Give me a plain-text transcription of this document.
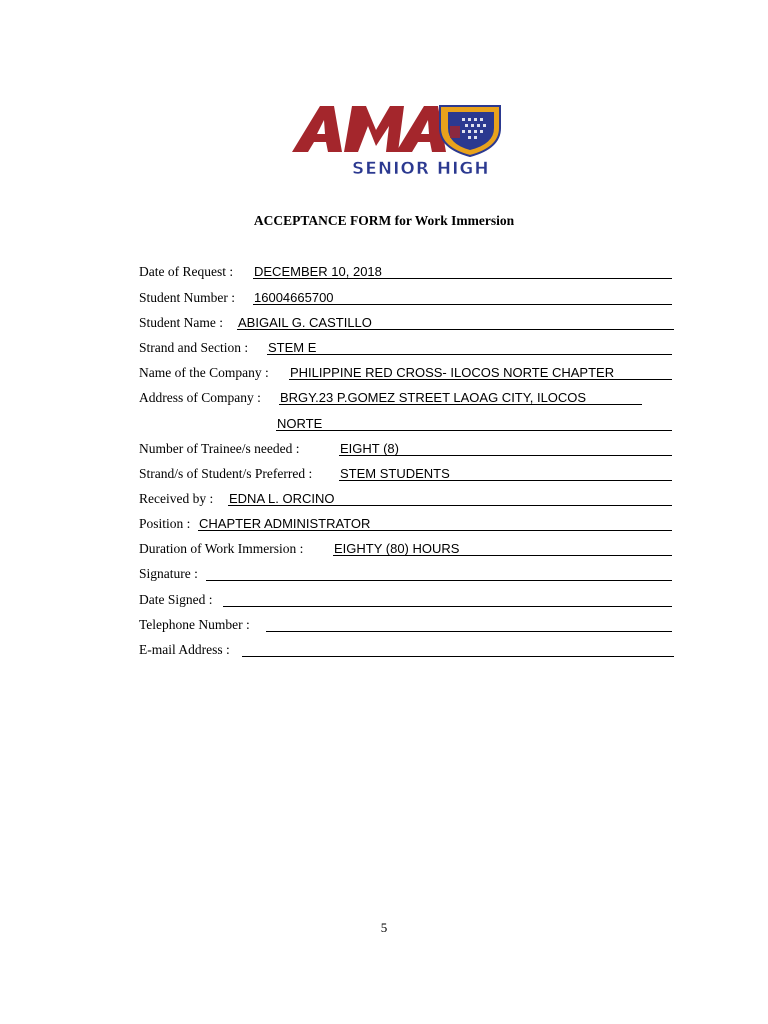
SENIOR HIGH
ACCEPTANCE FORM for Work Immersion
Date of Request : DECEMBER 10, 2018
Student Number : 16004665700
Student Name : ABIGAIL G. CASTILLO
Strand and Section : STEM E
Name of the Company : PHILIPPINE RED CROSS- ILOCOS NORTE CHAPTER
Address of Company : BRGY.23 P.GOMEZ STREET LAOAG CITY, ILOCOS
NORTE
Number of Trainee/s needed :	EIGHT (8)
Strand/s of Student/s Preferred : STEM STUDENTS
Received by : EDNA L. ORCINO
Position : CHAPTER ADMINISTRATOR
Duration of Work Immersion : EIGHTY (80) HOURS
Signature :
Date Signed :
Telephone Number :
E-mail Address :
5
